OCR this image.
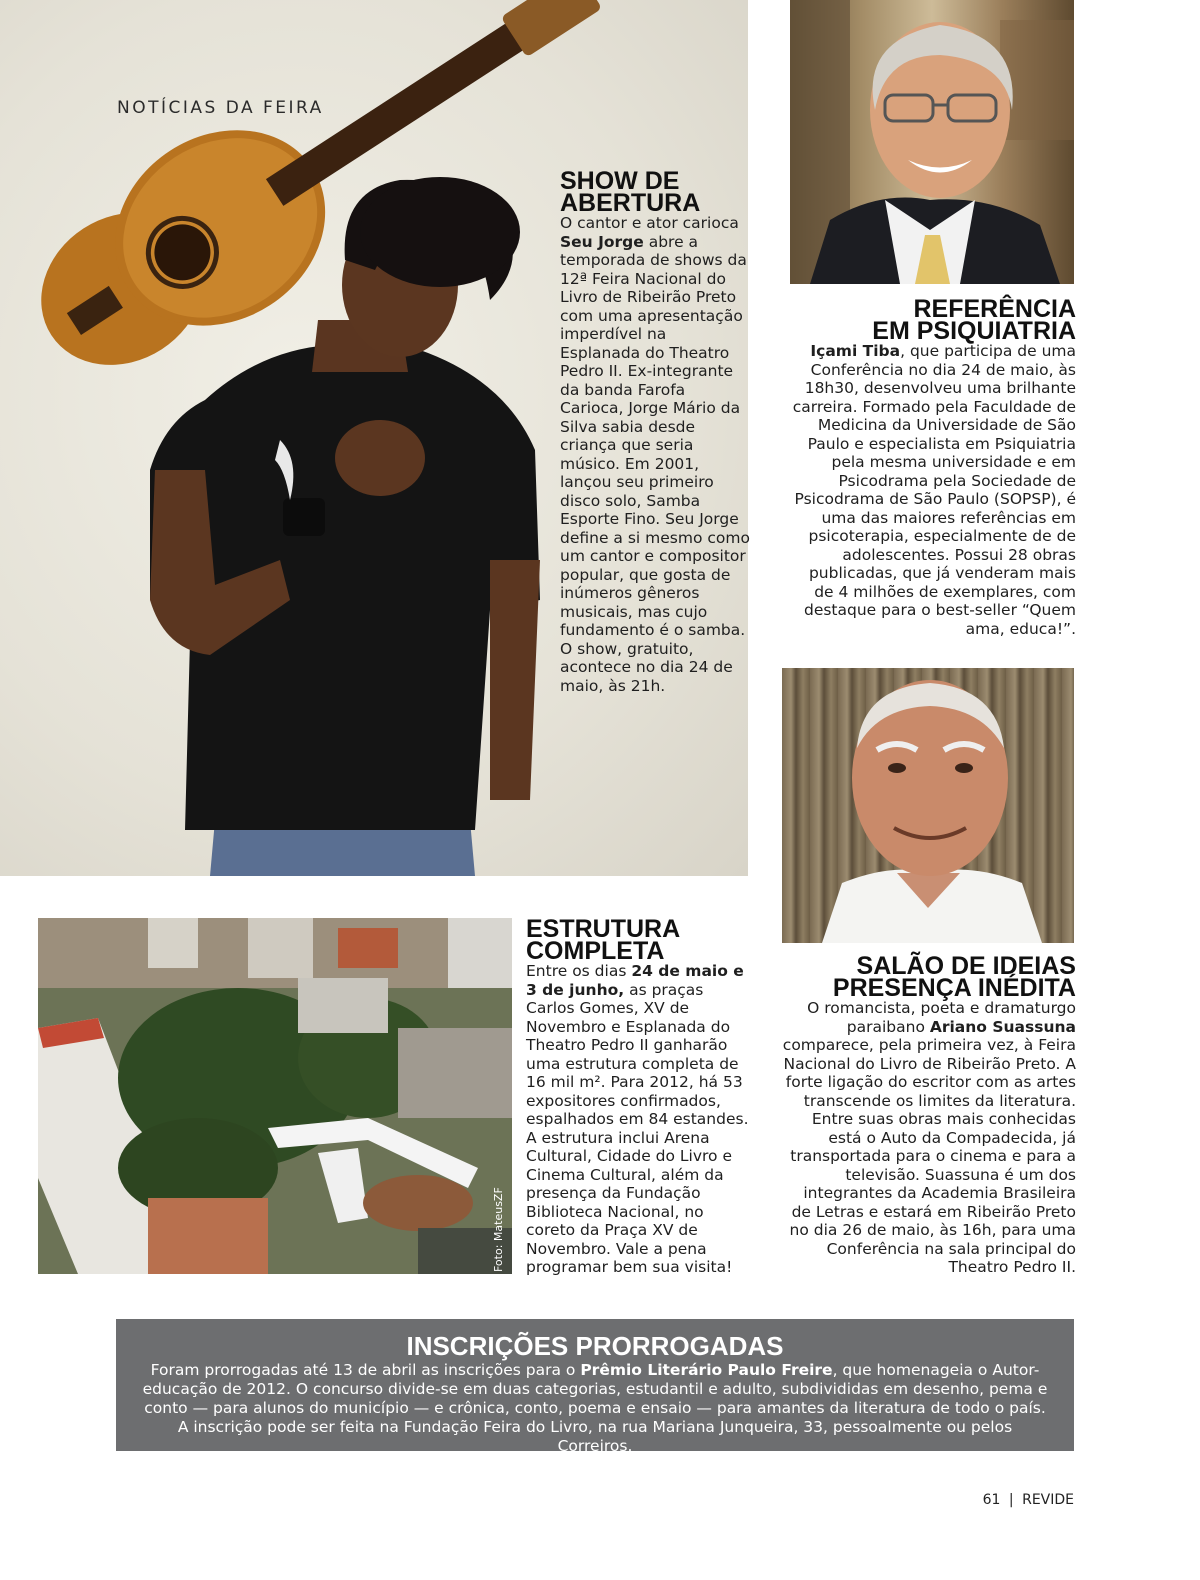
NOTÍCIAS DA FEIRA
SHOW DE
ABERTURA

O cantor e ator carioca Seu Jorge abre a temporada de shows da 12ª Feira Nacional do Livro de Ribeirão Preto com uma apresentação imperdível na Esplanada do Theatro Pedro II. Ex-integrante da banda Farofa Carioca, Jorge Mário da Silva sabia desde criança que seria músico. Em 2001, lançou seu primeiro disco solo, Samba Esporte Fino. Seu Jorge define a si mesmo como um cantor e compositor popular, que gosta de inúmeros gêneros musicais, mas cujo fundamento é o samba. O show, gratuito, acontece no dia 24 de maio, às 21h.

REFERÊNCIA
EM PSIQUIATRIA

Içami Tiba, que participa de uma Conferência no dia 24 de maio, às 18h30, desenvolveu uma brilhante carreira. Formado pela Faculdade de Medicina da Universidade de São Paulo e especialista em Psiquiatria pela mesma universidade e em Psicodrama pela Sociedade de Psicodrama de São Paulo (SOPSP), é uma das maiores referências em psicoterapia, especialmente de de adolescentes. Possui 28 obras publicadas, que já venderam mais de 4 milhões de exemplares, com destaque para o best-seller “Quem ama, educa!”.

Foto: MateusZF
ESTRUTURA
COMPLETA

Entre os dias 24 de maio e 3 de junho, as praças Carlos Gomes, XV de Novembro e Esplanada do Theatro Pedro II ganharão uma estrutura completa de 16 mil m². Para 2012, há 53 expositores confirmados, espalhados em 84 estandes. A estrutura inclui Arena Cultural, Cidade do Livro e Cinema Cultural, além da presença da Fundação Biblioteca Nacional, no coreto da Praça XV de Novembro. Vale a pena programar bem sua visita!

SALÃO DE IDEIAS
PRESENÇA INÉDITA

O romancista, poeta e dramaturgo paraibano Ariano Suassuna comparece, pela primeira vez, à Feira Nacional do Livro de Ribeirão Preto. A forte ligação do escritor com as artes transcende os limites da literatura. Entre suas obras mais conhecidas está o Auto da Compadecida, já transportada para o cinema e para a televisão. Suassuna é um dos integrantes da Academia Brasileira de Letras e estará em Ribeirão Preto no dia 26 de maio, às 16h, para uma Conferência na sala principal do Theatro Pedro II.

INSCRIÇÕES PRORROGADAS

Foram prorrogadas até 13 de abril as inscrições para o Prêmio Literário Paulo Freire, que homenageia o Autor-educação de 2012. O concurso divide-se em duas categorias, estudantil e adulto, subdivididas em desenho, pema e conto — para alunos do município — e crônica, conto, poema e ensaio — para amantes da literatura de todo o país. A inscrição pode ser feita na Fundação Feira do Livro, na rua Mariana Junqueira, 33, pessoalmente ou pelos Correiros.

61 | REVIDE
